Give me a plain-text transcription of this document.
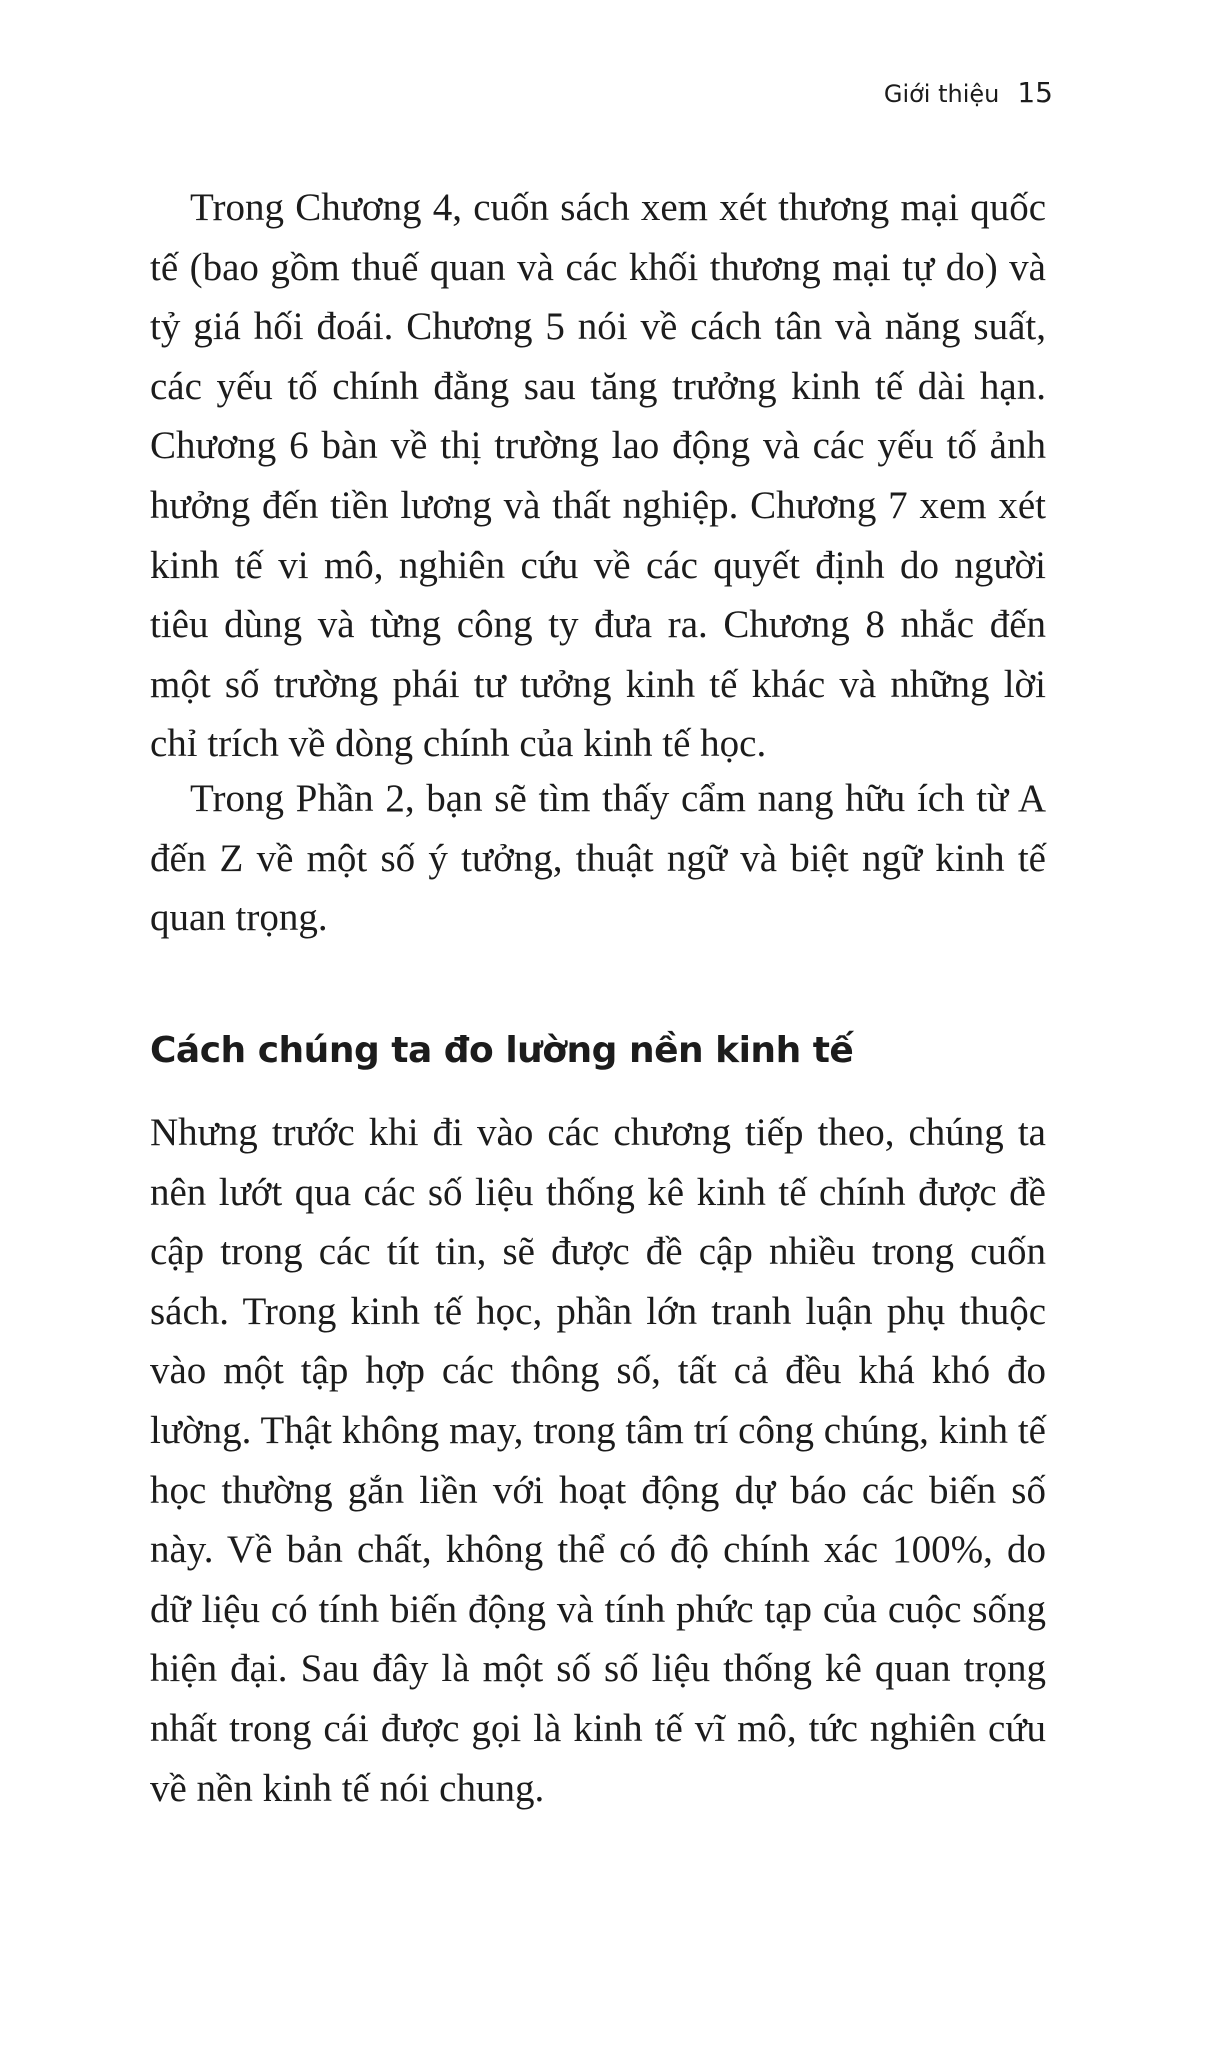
Giới thiệu 15

Trong Chương 4, cuốn sách xem xét thương mại quốc tế (bao gồm thuế quan và các khối thương mại tự do) và tỷ giá hối đoái. Chương 5 nói về cách tân và năng suất, các yếu tố chính đằng sau tăng trưởng kinh tế dài hạn. Chương 6 bàn về thị trường lao động và các yếu tố ảnh hưởng đến tiền lương và thất nghiệp. Chương 7 xem xét kinh tế vi mô, nghiên cứu về các quyết định do người tiêu dùng và từng công ty đưa ra. Chương 8 nhắc đến một số trường phái tư tưởng kinh tế khác và những lời chỉ trích về dòng chính của kinh tế học.

Trong Phần 2, bạn sẽ tìm thấy cẩm nang hữu ích từ A đến Z về một số ý tưởng, thuật ngữ và biệt ngữ kinh tế quan trọng.

Cách chúng ta đo lường nền kinh tế

Nhưng trước khi đi vào các chương tiếp theo, chúng ta nên lướt qua các số liệu thống kê kinh tế chính được đề cập trong các tít tin, sẽ được đề cập nhiều trong cuốn sách. Trong kinh tế học, phần lớn tranh luận phụ thuộc vào một tập hợp các thông số, tất cả đều khá khó đo lường. Thật không may, trong tâm trí công chúng, kinh tế học thường gắn liền với hoạt động dự báo các biến số này. Về bản chất, không thể có độ chính xác 100%, do dữ liệu có tính biến động và tính phức tạp của cuộc sống hiện đại. Sau đây là một số số liệu thống kê quan trọng nhất trong cái được gọi là kinh tế vĩ mô, tức nghiên cứu về nền kinh tế nói chung.
